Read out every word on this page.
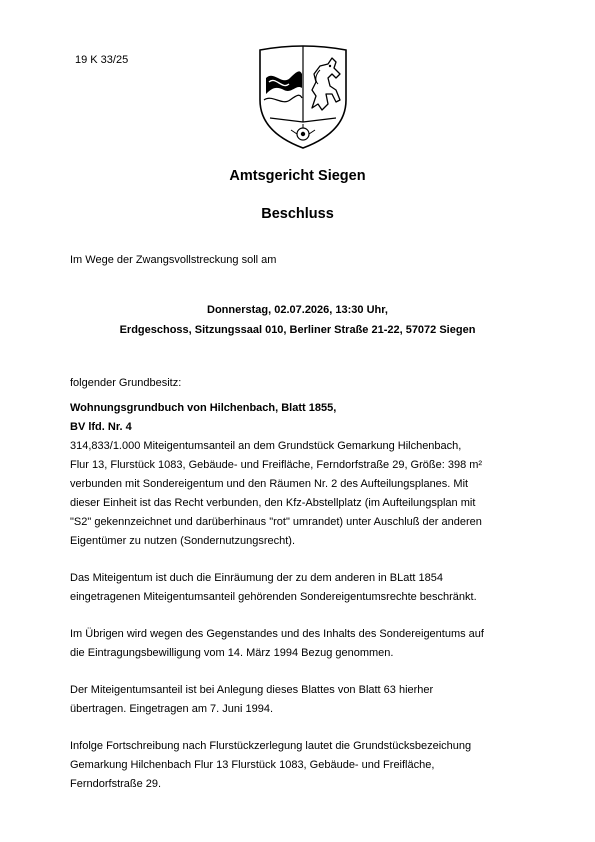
19 K 33/25
Amtsgericht Siegen
Beschluss
Im Wege der Zwangsvollstreckung soll am
Donnerstag, 02.07.2026, 13:30 Uhr,
Erdgeschoss, Sitzungssaal 010, Berliner Straße 21-22, 57072 Siegen
folgender Grundbesitz:
Wohnungsgrundbuch von Hilchenbach, Blatt 1855,
BV lfd. Nr. 4
314,833/1.000 Miteigentumsanteil an dem Grundstück Gemarkung Hilchenbach,
Flur 13, Flurstück 1083, Gebäude- und Freifläche, Ferndorfstraße 29, Größe: 398 m²
verbunden mit Sondereigentum und den Räumen Nr. 2 des Aufteilungsplanes. Mit
dieser Einheit ist das Recht verbunden, den Kfz-Abstellplatz (im Aufteilungsplan mit
"S2" gekennzeichnet und darüberhinaus "rot" umrandet) unter Auschluß der anderen
Eigentümer zu nutzen (Sondernutzungsrecht).
Das Miteigentum ist duch die Einräumung der zu dem anderen in BLatt 1854
eingetragenen Miteigentumsanteil gehörenden Sondereigentumsrechte beschränkt.
Im Übrigen wird wegen des Gegenstandes und des Inhalts des Sondereigentums auf
die Eintragungsbewilligung vom 14. März 1994 Bezug genommen.
Der Miteigentumsanteil ist bei Anlegung dieses Blattes von Blatt 63 hierher
übertragen. Eingetragen am 7. Juni 1994.
Infolge Fortschreibung nach Flurstückzerlegung lautet die Grundstücksbezeichung
Gemarkung Hilchenbach Flur 13 Flurstück 1083, Gebäude- und Freifläche,
Ferndorfstraße 29.
